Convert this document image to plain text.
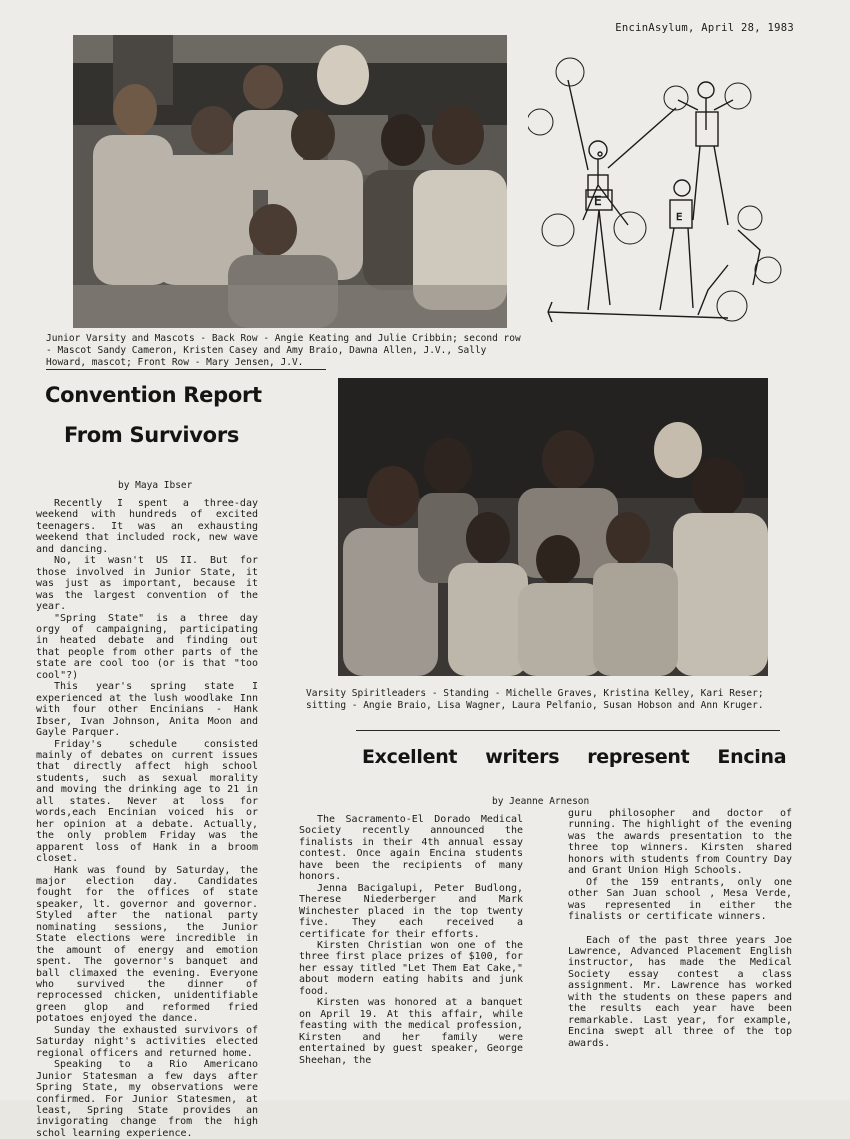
EncinAsylum, April 28, 1983
E
E
Junior Varsity and Mascots - Back Row - Angie Keating and Julie Cribbin; second row - Mascot Sandy Cameron, Kristen Casey and Amy Braio, Dawna Allen, J.V., Sally Howard, mascot; Front Row - Mary Jensen, J.V.
Convention Report
From Survivors
by Maya Ibser

Recently I spent a three-day weekend with hundreds of excited teenagers. It was an exhausting weekend that included rock, new wave and dancing.

No, it wasn't US II. But for those involved in Junior State, it was just as important, because it was the largest convention of the year.

"Spring State" is a three day orgy of campaigning, participating in heated debate and finding out that people from other parts of the state are cool too (or is that "too cool"?)

This year's spring state I experienced at the lush woodlake Inn with four other Encinians - Hank Ibser, Ivan Johnson, Anita Moon and Gayle Parquer.

Friday's schedule consisted mainly of debates on current issues that directly affect high school students, such as sexual morality and moving the drinking age to 21 in all states. Never at loss for words,each Encinian voiced his or her opinion at a debate. Actually, the only problem Friday was the apparent loss of Hank in a broom closet.

Hank was found by Saturday, the major election day. Candidates fought for the offices of state speaker, lt. governor and governor. Styled after the national party nominating sessions, the Junior State elections were incredible in the amount of energy and emotion spent. The governor's banquet and ball climaxed the evening. Everyone who survived the dinner of reprocessed chicken, unidentifiable green glop and reformed fried potatoes enjoyed the dance.

Sunday the exhausted survivors of Saturday night's activities elected regional officers and returned home.

Speaking to a Rio Americano Junior Statesman a few days after Spring State, my observations were confirmed. For Junior Statesmen, at least, Spring State provides an invigorating change from the high schol learning experience.

Varsity Spiritleaders - Standing - Michelle Graves, Kristina Kelley, Kari Reser; sitting - Angie Braio, Lisa Wagner, Laura Pelfanio, Susan Hobson and Ann Kruger.
Excellent writers represent Encina
by Jeanne Arneson

The Sacramento-El Dorado Medical Society recently announced the finalists in their 4th annual essay contest. Once again Encina students have been the recipients of many honors.

Jenna Bacigalupi, Peter Budlong, Therese Niederberger and Mark Winchester placed in the top twenty five. They each received a certificate for their efforts.

Kirsten Christian won one of the three first place prizes of $100, for her essay titled "Let Them Eat Cake," about modern eating habits and junk food.

Kirsten was honored at a banquet on April 19. At this affair, while feasting with the medical profession, Kirsten and her family were entertained by guest speaker, George Sheehan, the

guru philosopher and doctor of running. The highlight of the evening was the awards presentation to the three top winners. Kirsten shared honors with students from Country Day and Grant Union High Schools.

Of the 159 entrants, only one other San Juan school , Mesa Verde, was represented in either the finalists or certificate winners.

Each of the past three years Joe Lawrence, Advanced Placement English instructor, has made the Medical Society essay contest a class assignment. Mr. Lawrence has worked with the students on these papers and the results each year have been remarkable. Last year, for example, Encina swept all three of the top awards.
